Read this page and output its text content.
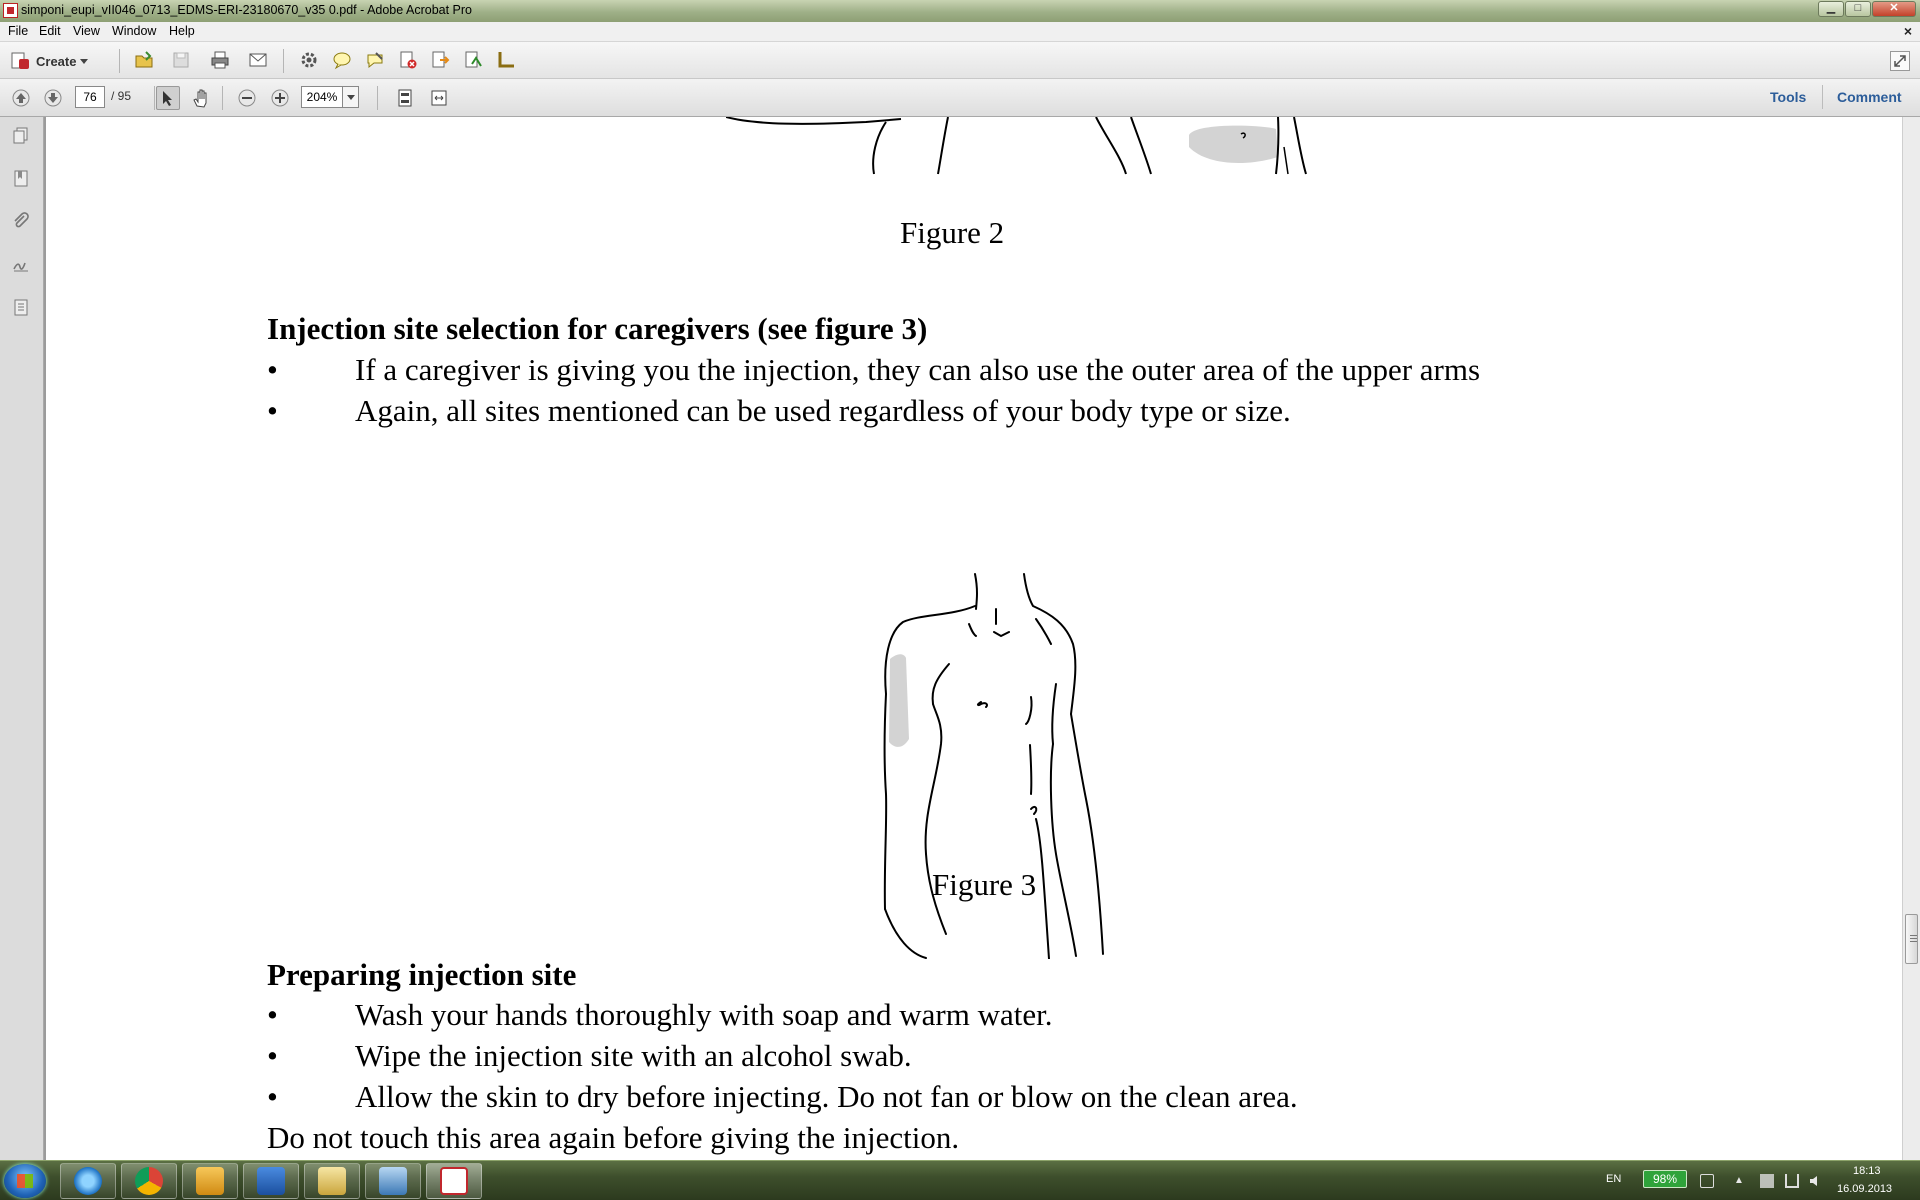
simponi_eupi_vII046_0713_EDMS-ERI-23180670_v35 0.pdf - Adobe Acrobat Pro	▁	□	✕
File Edit View Window Help	×
Create
76	/ 95	204%	Tools Comment
Figure 2
Injection site selection for caregivers (see figure 3)
• If a caregiver is giving you the injection, they can also use the outer area of the upper arms
• Again, all sites mentioned can be used regardless of your body type or size.
Figure 3
Preparing injection site
• Wash your hands thoroughly with soap and warm water.
• Wipe the injection site with an alcohol swab.
• Allow the skin to dry before injecting. Do not fan or blow on the clean area.
Do not touch this area again before giving the injection.
EN	▲
18:13
16.09.2013
98%
